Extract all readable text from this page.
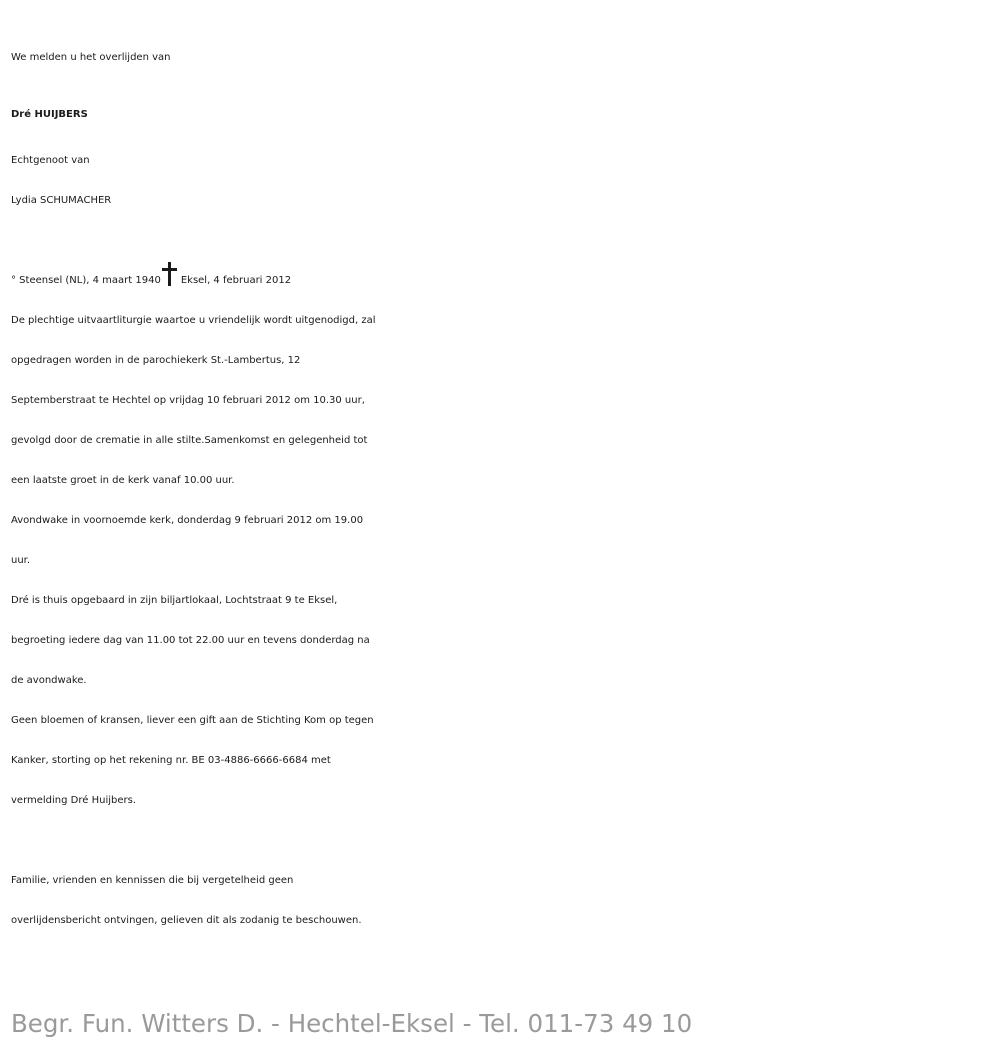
We melden u het overlijden van
Dré HUIJBERS
Echtgenoot van
Lydia SCHUMACHER
° Steensel (NL), 4 maart 1940 Eksel, 4 februari 2012
De plechtige uitvaartliturgie waartoe u vriendelijk wordt uitgenodigd, zal
opgedragen worden in de parochiekerk St.-Lambertus, 12
Septemberstraat te Hechtel op vrijdag 10 februari 2012 om 10.30 uur,
gevolgd door de crematie in alle stilte.Samenkomst en gelegenheid tot
een laatste groet in de kerk vanaf 10.00 uur.
Avondwake in voornoemde kerk, donderdag 9 februari 2012 om 19.00
uur.
Dré is thuis opgebaard in zijn biljartlokaal, Lochtstraat 9 te Eksel,
begroeting iedere dag van 11.00 tot 22.00 uur en tevens donderdag na
de avondwake.
Geen bloemen of kransen, liever een gift aan de Stichting Kom op tegen
Kanker, storting op het rekening nr. BE 03-4886-6666-6684 met
vermelding Dré Huijbers.
Familie, vrienden en kennissen die bij vergetelheid geen
overlijdensbericht ontvingen, gelieven dit als zodanig te beschouwen.
Begr. Fun. Witters D. - Hechtel-Eksel - Tel. 011-73 49 10
